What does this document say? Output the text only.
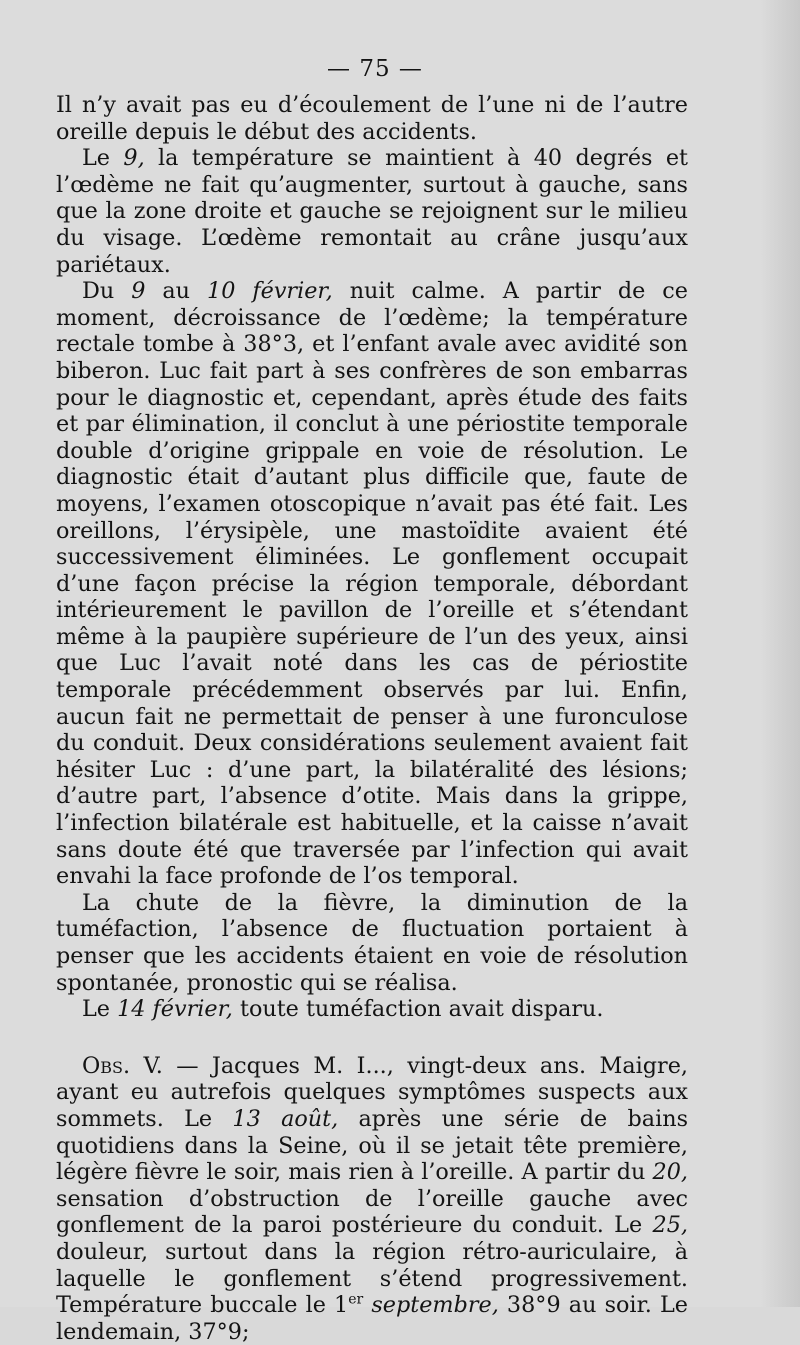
— 75 —

Il n’y avait pas eu d’écoulement de l’une ni de l’autre oreille depuis le début des accidents.

Le 9, la température se maintient à 40 degrés et l’œdème ne fait qu’augmenter, surtout à gauche, sans que la zone droite et gauche se rejoignent sur le milieu du visage. L’œdème remontait au crâne jusqu’aux pariétaux.

Du 9 au 10 février, nuit calme. A partir de ce moment, décroissance de l’œdème; la température rectale tombe à 38°3, et l’enfant avale avec avidité son biberon. Luc fait part à ses confrères de son embarras pour le diagnostic et, cependant, après étude des faits et par élimination, il conclut à une périostite temporale double d’origine grippale en voie de résolution. Le diagnostic était d’autant plus difficile que, faute de moyens, l’examen otoscopique n’avait pas été fait. Les oreillons, l’érysipèle, une mastoïdite avaient été successivement éliminées. Le gonflement occupait d’une façon précise la région temporale, débordant intérieurement le pavillon de l’oreille et s’étendant même à la paupière supérieure de l’un des yeux, ainsi que Luc l’avait noté dans les cas de périostite temporale précédemment observés par lui. Enfin, aucun fait ne permettait de penser à une furonculose du conduit. Deux considérations seulement avaient fait hésiter Luc : d’une part, la bilatéralité des lésions; d’autre part, l’absence d’otite. Mais dans la grippe, l’infection bilatérale est habituelle, et la caisse n’avait sans doute été que traversée par l’infection qui avait envahi la face profonde de l’os temporal.

La chute de la fièvre, la diminution de la tuméfaction, l’absence de fluctuation portaient à penser que les accidents étaient en voie de résolution spontanée, pronostic qui se réalisa.

Le 14 février, toute tuméfaction avait disparu.

Obs. V. — Jacques M. I..., vingt-deux ans. Maigre, ayant eu autrefois quelques symptômes suspects aux sommets. Le 13 août, après une série de bains quotidiens dans la Seine, où il se jetait tête première, légère fièvre le soir, mais rien à l’oreille. A partir du 20, sensation d’obstruction de l’oreille gauche avec gonflement de la paroi postérieure du conduit. Le 25, douleur, surtout dans la région rétro-auriculaire, à laquelle le gonflement s’étend progressivement. Température buccale le 1er septembre, 38°9 au soir. Le lendemain, 37°9;
